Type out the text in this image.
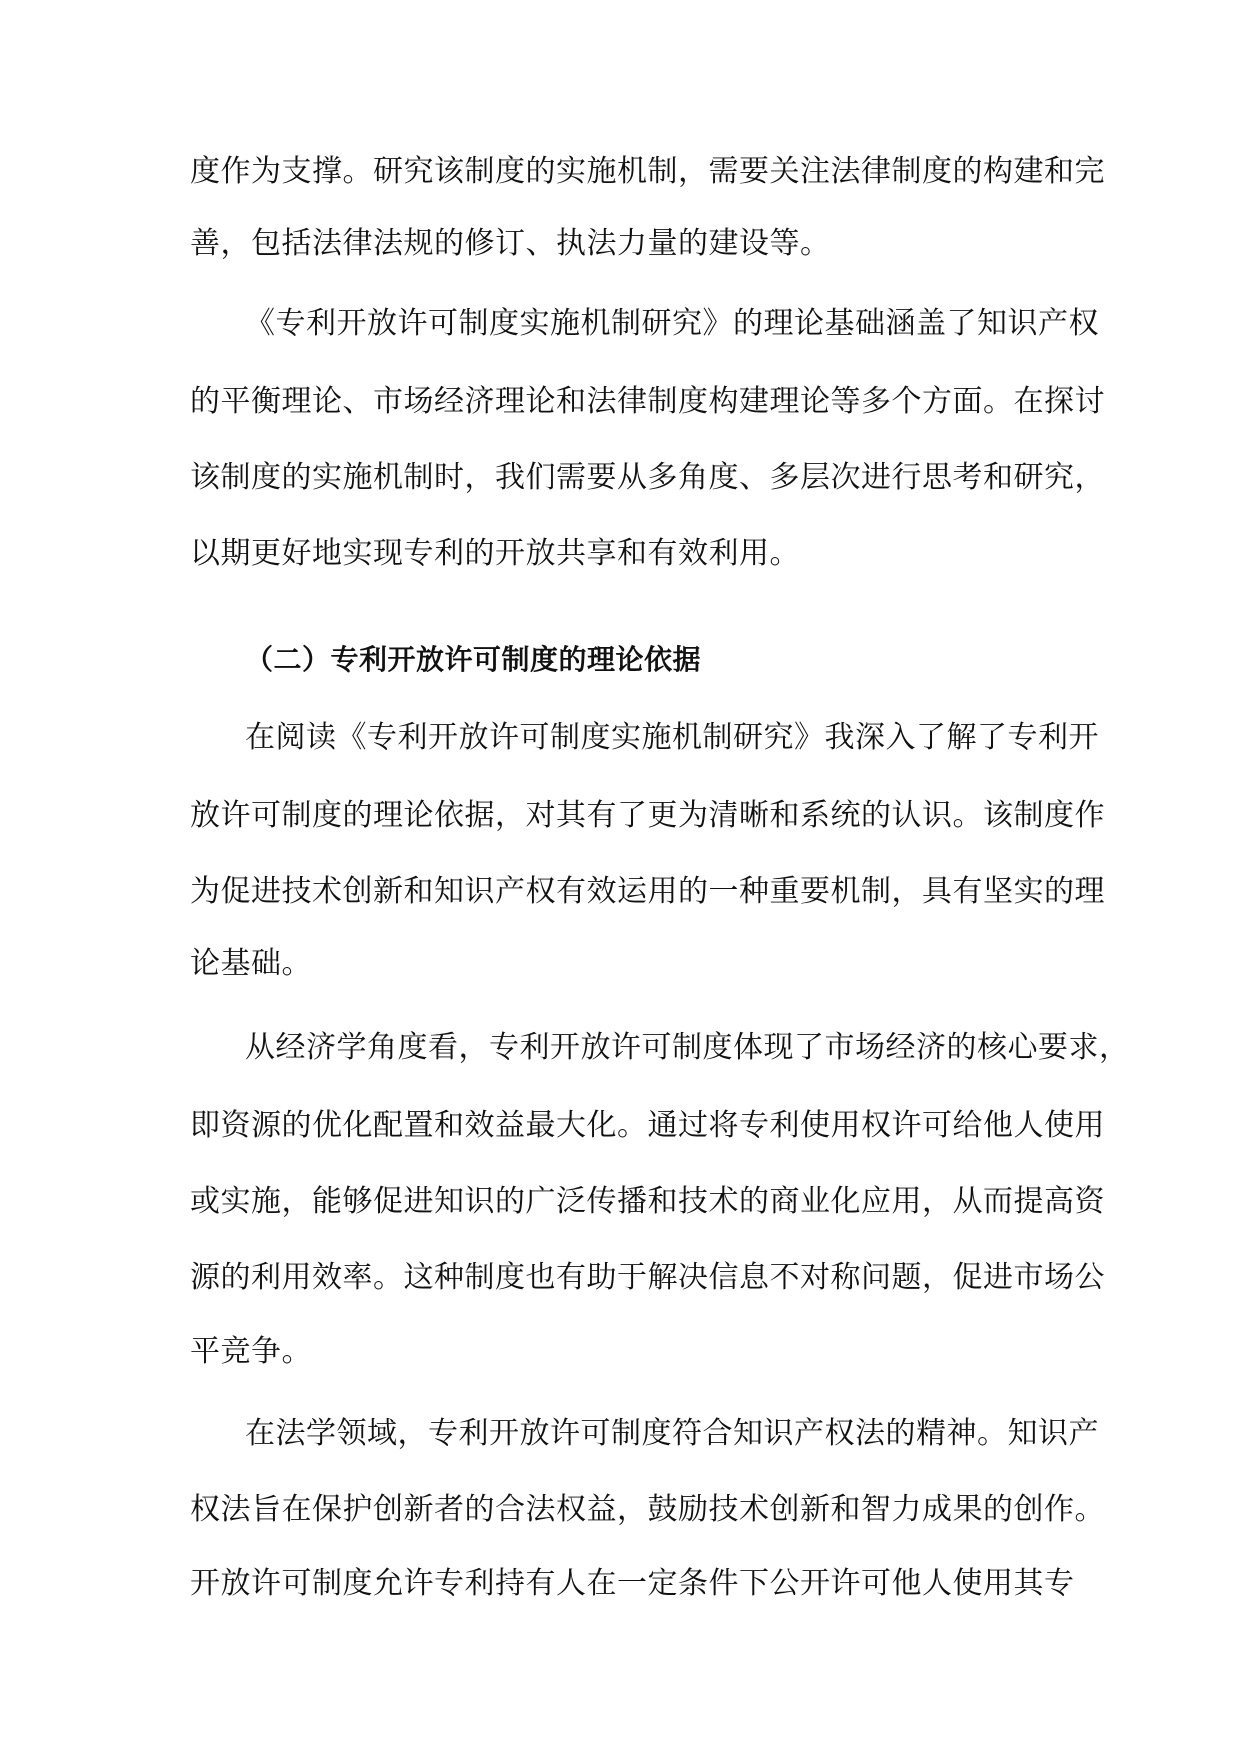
度作为支撑。研究该制度的实施机制，需要关注法律制度的构建和完
善，包括法律法规的修订、执法力量的建设等。
《专利开放许可制度实施机制研究》的理论基础涵盖了知识产权
的平衡理论、市场经济理论和法律制度构建理论等多个方面。在探讨
该制度的实施机制时，我们需要从多角度、多层次进行思考和研究，
以期更好地实现专利的开放共享和有效利用。
（二）专利开放许可制度的理论依据
在阅读《专利开放许可制度实施机制研究》我深入了解了专利开
放许可制度的理论依据，对其有了更为清晰和系统的认识。该制度作
为促进技术创新和知识产权有效运用的一种重要机制，具有坚实的理
论基础。
从经济学角度看，专利开放许可制度体现了市场经济的核心要求，
即资源的优化配置和效益最大化。通过将专利使用权许可给他人使用
或实施，能够促进知识的广泛传播和技术的商业化应用，从而提高资
源的利用效率。这种制度也有助于解决信息不对称问题，促进市场公
平竞争。
在法学领域，专利开放许可制度符合知识产权法的精神。知识产
权法旨在保护创新者的合法权益，鼓励技术创新和智力成果的创作。
开放许可制度允许专利持有人在一定条件下公开许可他人使用其专
